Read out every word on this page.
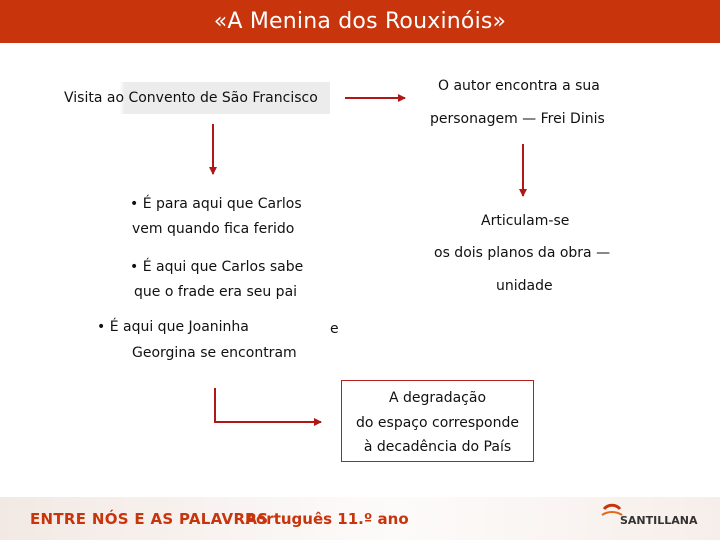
«A Menina dos Rouxinóis»
Visita ao Convento de São Francisco
O autor encontra a sua
personagem — Frei Dinis
• É para aqui que Carlos
vem quando fica ferido
• É aqui que Carlos sabe
que o frade era seu pai
• É aqui que Joaninha
Georgina se encontram
e
Articulam-se
os dois planos da obra —
unidade
A degradação
do espaço corresponde
à decadência do País
ENTRE NÓS E AS PALAVRAS
Português 11.º ano	SANTILLANA
